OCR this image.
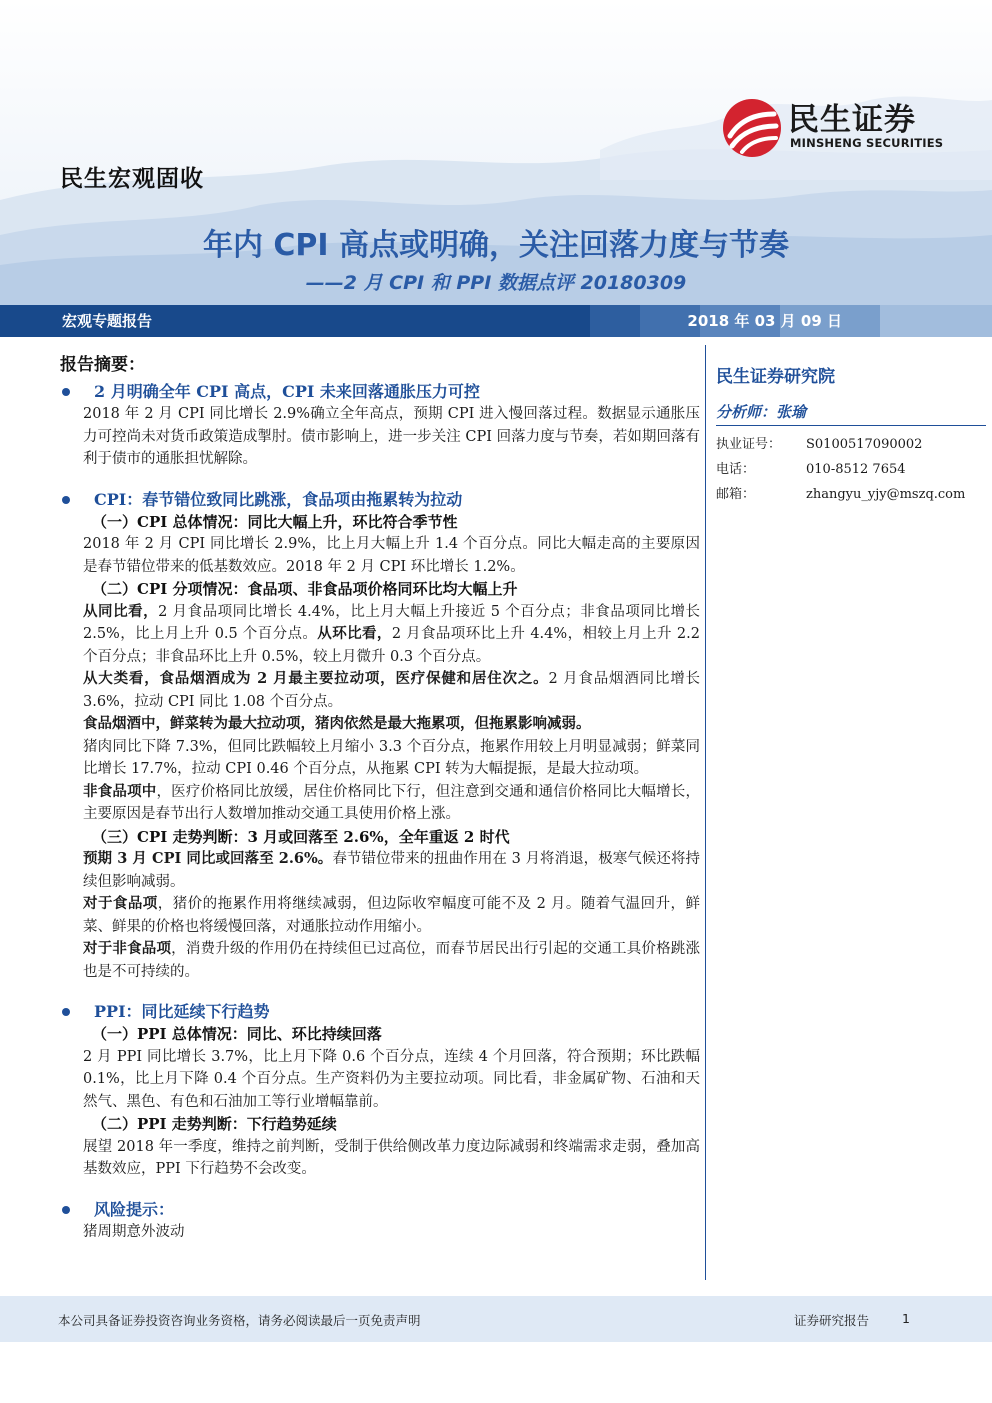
民生证券
MINSHENG SECURITIES
民生宏观固收
年内 CPI 高点或明确，关注回落力度与节奏
——2 月 CPI 和 PPI 数据点评 20180309
宏观专题报告	2018 年 03 月 09 日
报告摘要：
2 月明确全年 CPI 高点，CPI 未来回落通胀压力可控
2018 年 2 月 CPI 同比增长 2.9%确立全年高点，预期 CPI 进入慢回落过程。数据显示通胀压力可控尚未对货币政策造成掣肘。债市影响上，进一步关注 CPI 回落力度与节奏，若如期回落有利于债市的通胀担忧解除。
CPI：春节错位致同比跳涨，食品项由拖累转为拉动
（一）CPI 总体情况：同比大幅上升，环比符合季节性
2018 年 2 月 CPI 同比增长 2.9%，比上月大幅上升 1.4 个百分点。同比大幅走高的主要原因是春节错位带来的低基数效应。2018 年 2 月 CPI 环比增长 1.2%。
（二）CPI 分项情况：食品项、非食品项价格同环比均大幅上升
从同比看，2 月食品项同比增长 4.4%，比上月大幅上升接近 5 个百分点；非食品项同比增长 2.5%，比上月上升 0.5 个百分点。从环比看，2 月食品项环比上升 4.4%，相较上月上升 2.2 个百分点；非食品环比上升 0.5%，较上月微升 0.3 个百分点。
从大类看，食品烟酒成为 2 月最主要拉动项，医疗保健和居住次之。2 月食品烟酒同比增长 3.6%，拉动 CPI 同比 1.08 个百分点。
食品烟酒中，鲜菜转为最大拉动项，猪肉依然是最大拖累项，但拖累影响减弱。
猪肉同比下降 7.3%，但同比跌幅较上月缩小 3.3 个百分点，拖累作用较上月明显减弱；鲜菜同比增长 17.7%，拉动 CPI 0.46 个百分点，从拖累 CPI 转为大幅提振，是最大拉动项。
非食品项中，医疗价格同比放缓，居住价格同比下行，但注意到交通和通信价格同比大幅增长，主要原因是春节出行人数增加推动交通工具使用价格上涨。
（三）CPI 走势判断：3 月或回落至 2.6%，全年重返 2 时代
预期 3 月 CPI 同比或回落至 2.6%。春节错位带来的扭曲作用在 3 月将消退，极寒气候还将持续但影响减弱。
对于食品项，猪价的拖累作用将继续减弱，但边际收窄幅度可能不及 2 月。随着气温回升，鲜菜、鲜果的价格也将缓慢回落，对通胀拉动作用缩小。
对于非食品项，消费升级的作用仍在持续但已过高位，而春节居民出行引起的交通工具价格跳涨也是不可持续的。
PPI：同比延续下行趋势
（一）PPI 总体情况：同比、环比持续回落
2 月 PPI 同比增长 3.7%，比上月下降 0.6 个百分点，连续 4 个月回落，符合预期；环比跌幅 0.1%，比上月下降 0.4 个百分点。生产资料仍为主要拉动项。同比看，非金属矿物、石油和天然气、黑色、有色和石油加工等行业增幅靠前。
（二）PPI 走势判断：下行趋势延续
展望 2018 年一季度，维持之前判断，受制于供给侧改革力度边际减弱和终端需求走弱，叠加高基数效应，PPI 下行趋势不会改变。
风险提示：
猪周期意外波动
民生证券研究院
分析师：张瑜
执业证号：	S0100517090002
电话：	010-8512 7654
邮箱：	zhangyu_yjy@mszq.com
本公司具备证券投资咨询业务资格，请务必阅读最后一页免责声明	证券研究报告	1
